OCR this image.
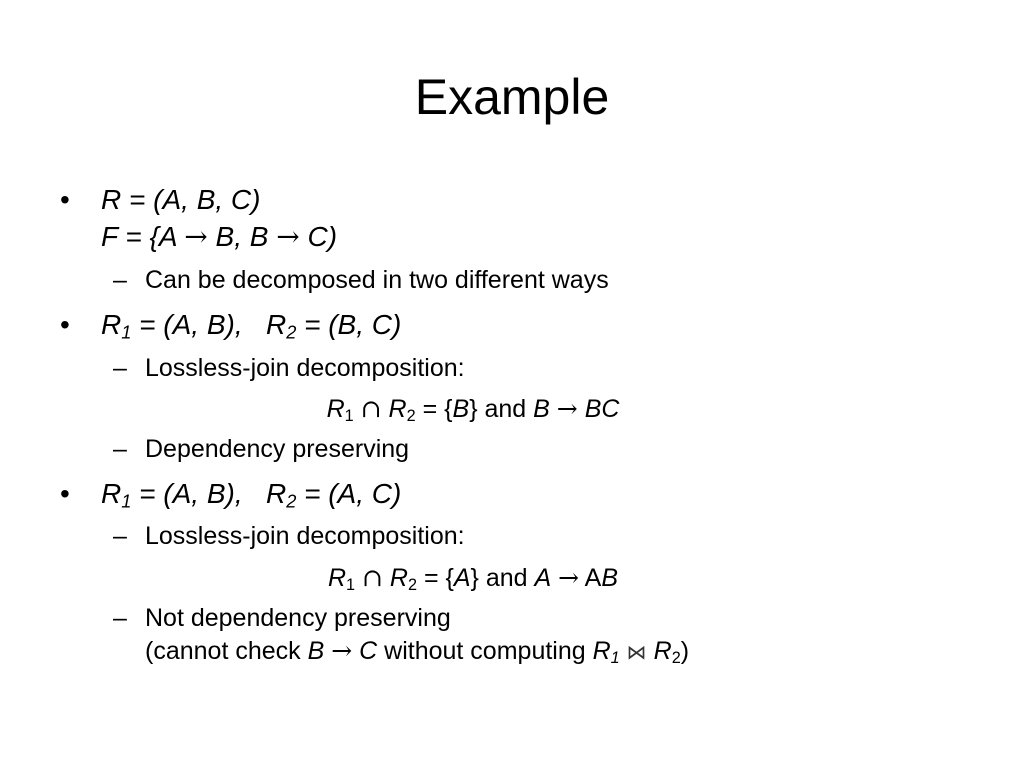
Example
• R = (A, B, C)
F = {A → B, B → C)
– Can be decomposed in two different ways
• $R_1 = (A$, B),   $R_2 = (B$, C)
– Lossless-join decomposition:
$R_1$ ∩ $R_2 = \{B\}$ and B → BC
– Dependency preserving
• $R_1 = (A$, B),   $R_2 = (A$, C)
– Lossless-join decomposition:
$R_1$ ∩ $R_2 = \{A\}$ and A → AB
– Not dependency preserving
(cannot check B → C without computing $R_1$ ⋈ $R_2$)
